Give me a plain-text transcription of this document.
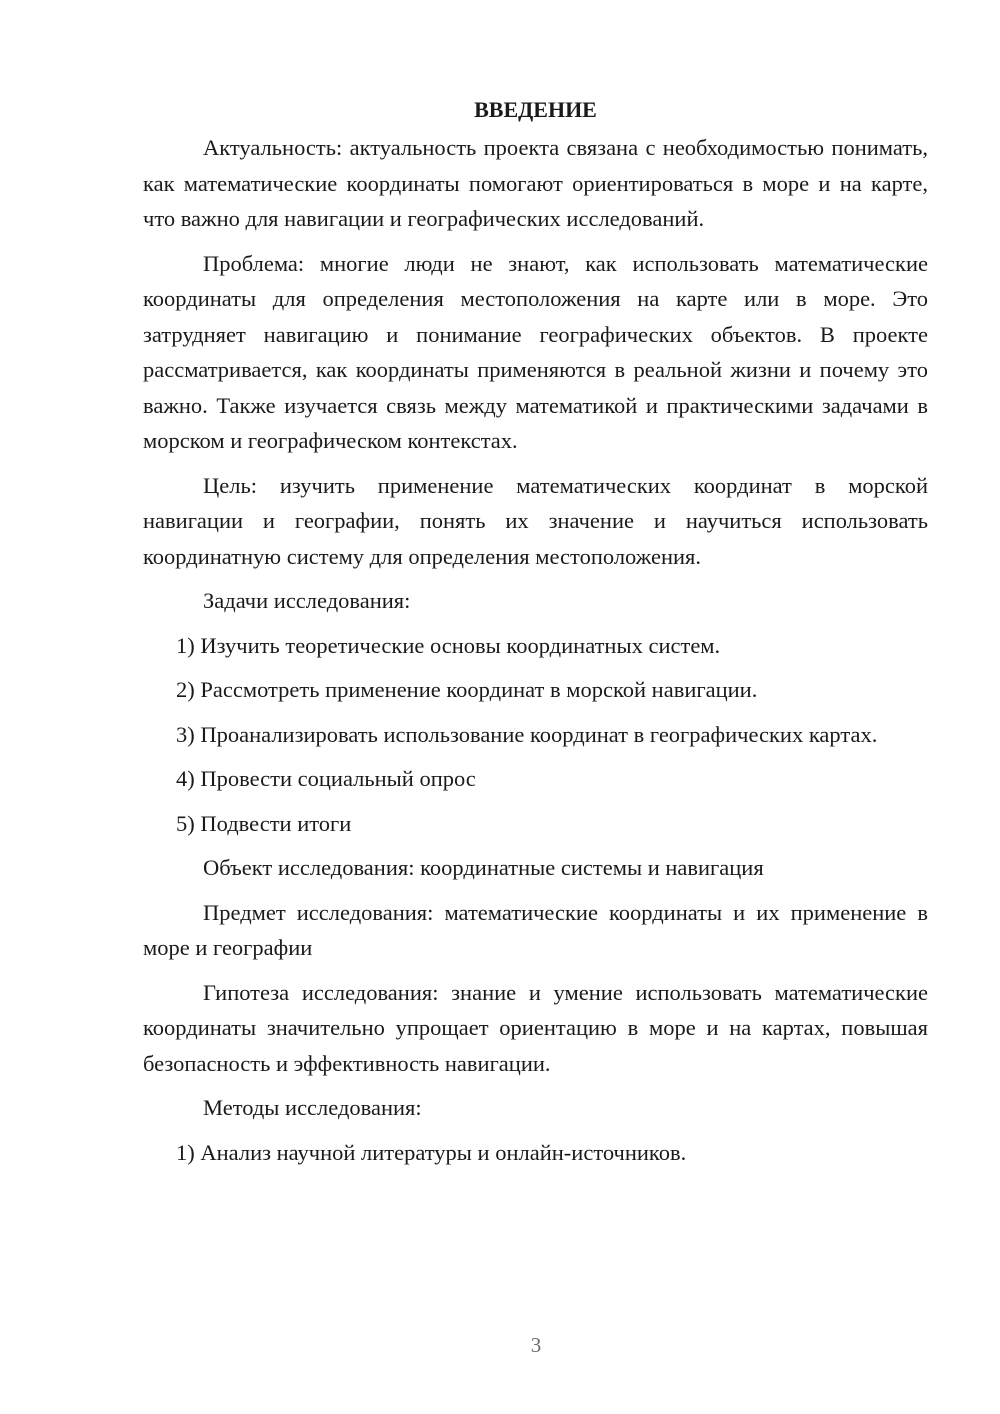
ВВЕДЕНИЕ

Актуальность: актуальность проекта связана с необходимостью понимать, как математические координаты помогают ориентироваться в море и на карте, что важно для навигации и географических исследований.

Проблема: многие люди не знают, как использовать математические координаты для определения местоположения на карте или в море. Это затрудняет навигацию и понимание географических объектов. В проекте рассматривается, как координаты применяются в реальной жизни и почему это важно. Также изучается связь между математикой и практическими задачами в морском и географическом контекстах.

Цель: изучить применение математических координат в морской навигации и географии, понять их значение и научиться использовать координатную систему для определения местоположения.

Задачи исследования:

1) Изучить теоретические основы координатных систем.

2) Рассмотреть применение координат в морской навигации.

3) Проанализировать использование координат в географических картах.

4) Провести социальный опрос

5) Подвести итоги

Объект исследования: координатные системы и навигация

Предмет исследования: математические координаты и их применение в море и географии

Гипотеза исследования: знание и умение использовать математические координаты значительно упрощает ориентацию в море и на картах, повышая безопасность и эффективность навигации.

Методы исследования:

1) Анализ научной литературы и онлайн-источников.

3
